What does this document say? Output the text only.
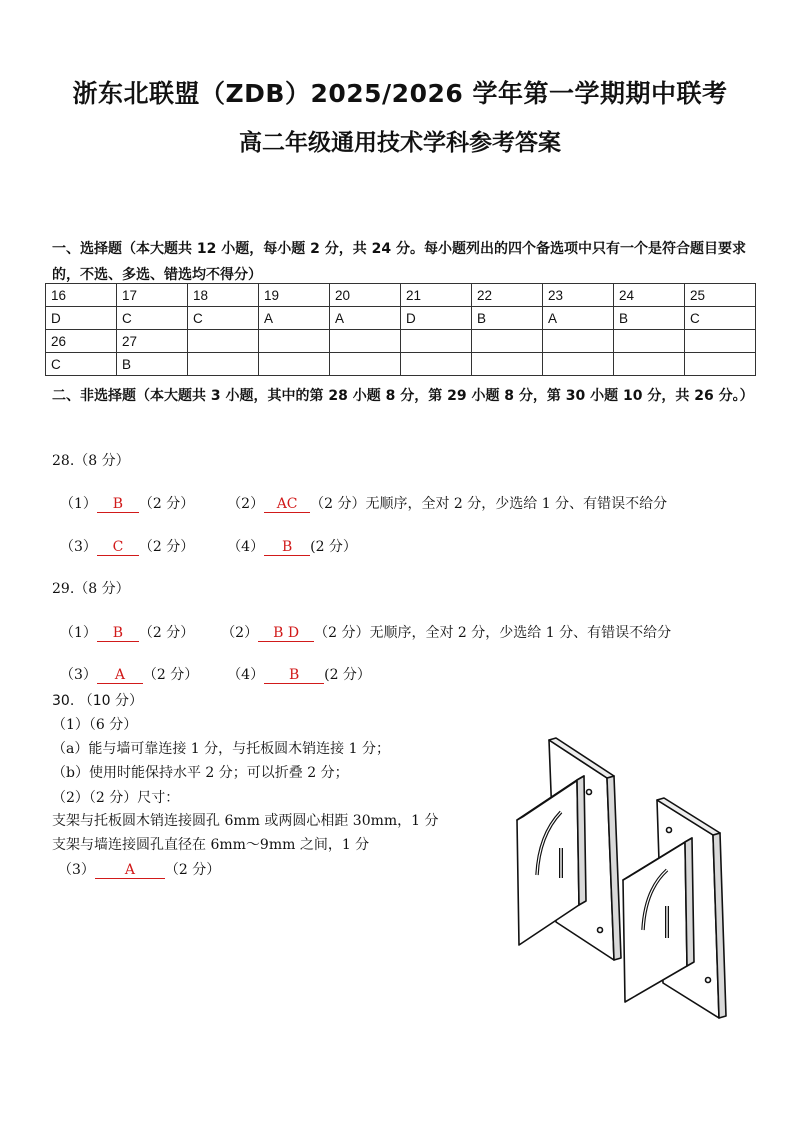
浙东北联盟（ZDB）2025/2026 学年第一学期期中联考
高二年级通用技术学科参考答案
一、选择题（本大题共 12 小题，每小题 2 分，共 24 分。每小题列出的四个备选项中只有一个是符合题目要求的，不选、多选、错选均不得分）
16	17	18	19	20	21	22	23	24	25
D	C	C	A	A	D	B	A	B	C
26	27								
C	B								
二、非选择题（本大题共 3 小题，其中的第 28 小题 8 分，第 29 小题 8 分，第 30 小题 10 分，共 26 分。）
28.（8 分）
（1） B （2 分） （2） AC （2 分）无顺序，全对 2 分，少选给 1 分、有错误不给分
（3） C （2 分） （4） B (2 分）
29.（8 分）
（1） B （2 分） （2） B D （2 分）无顺序，全对 2 分，少选给 1 分、有错误不给分
（3） A （2 分） （4） B (2 分）
30. （10 分）
（1）（6 分）
（a）能与墙可靠连接 1 分，与托板圆木销连接 1 分；
（b）使用时能保持水平 2 分；可以折叠 2 分；
（2）（2 分）尺寸：
支架与托板圆木销连接圆孔 6mm 或两圆心相距 30mm，1 分
支架与墙连接圆孔直径在 6mm～9mm 之间，1 分
（3） A （2 分）
